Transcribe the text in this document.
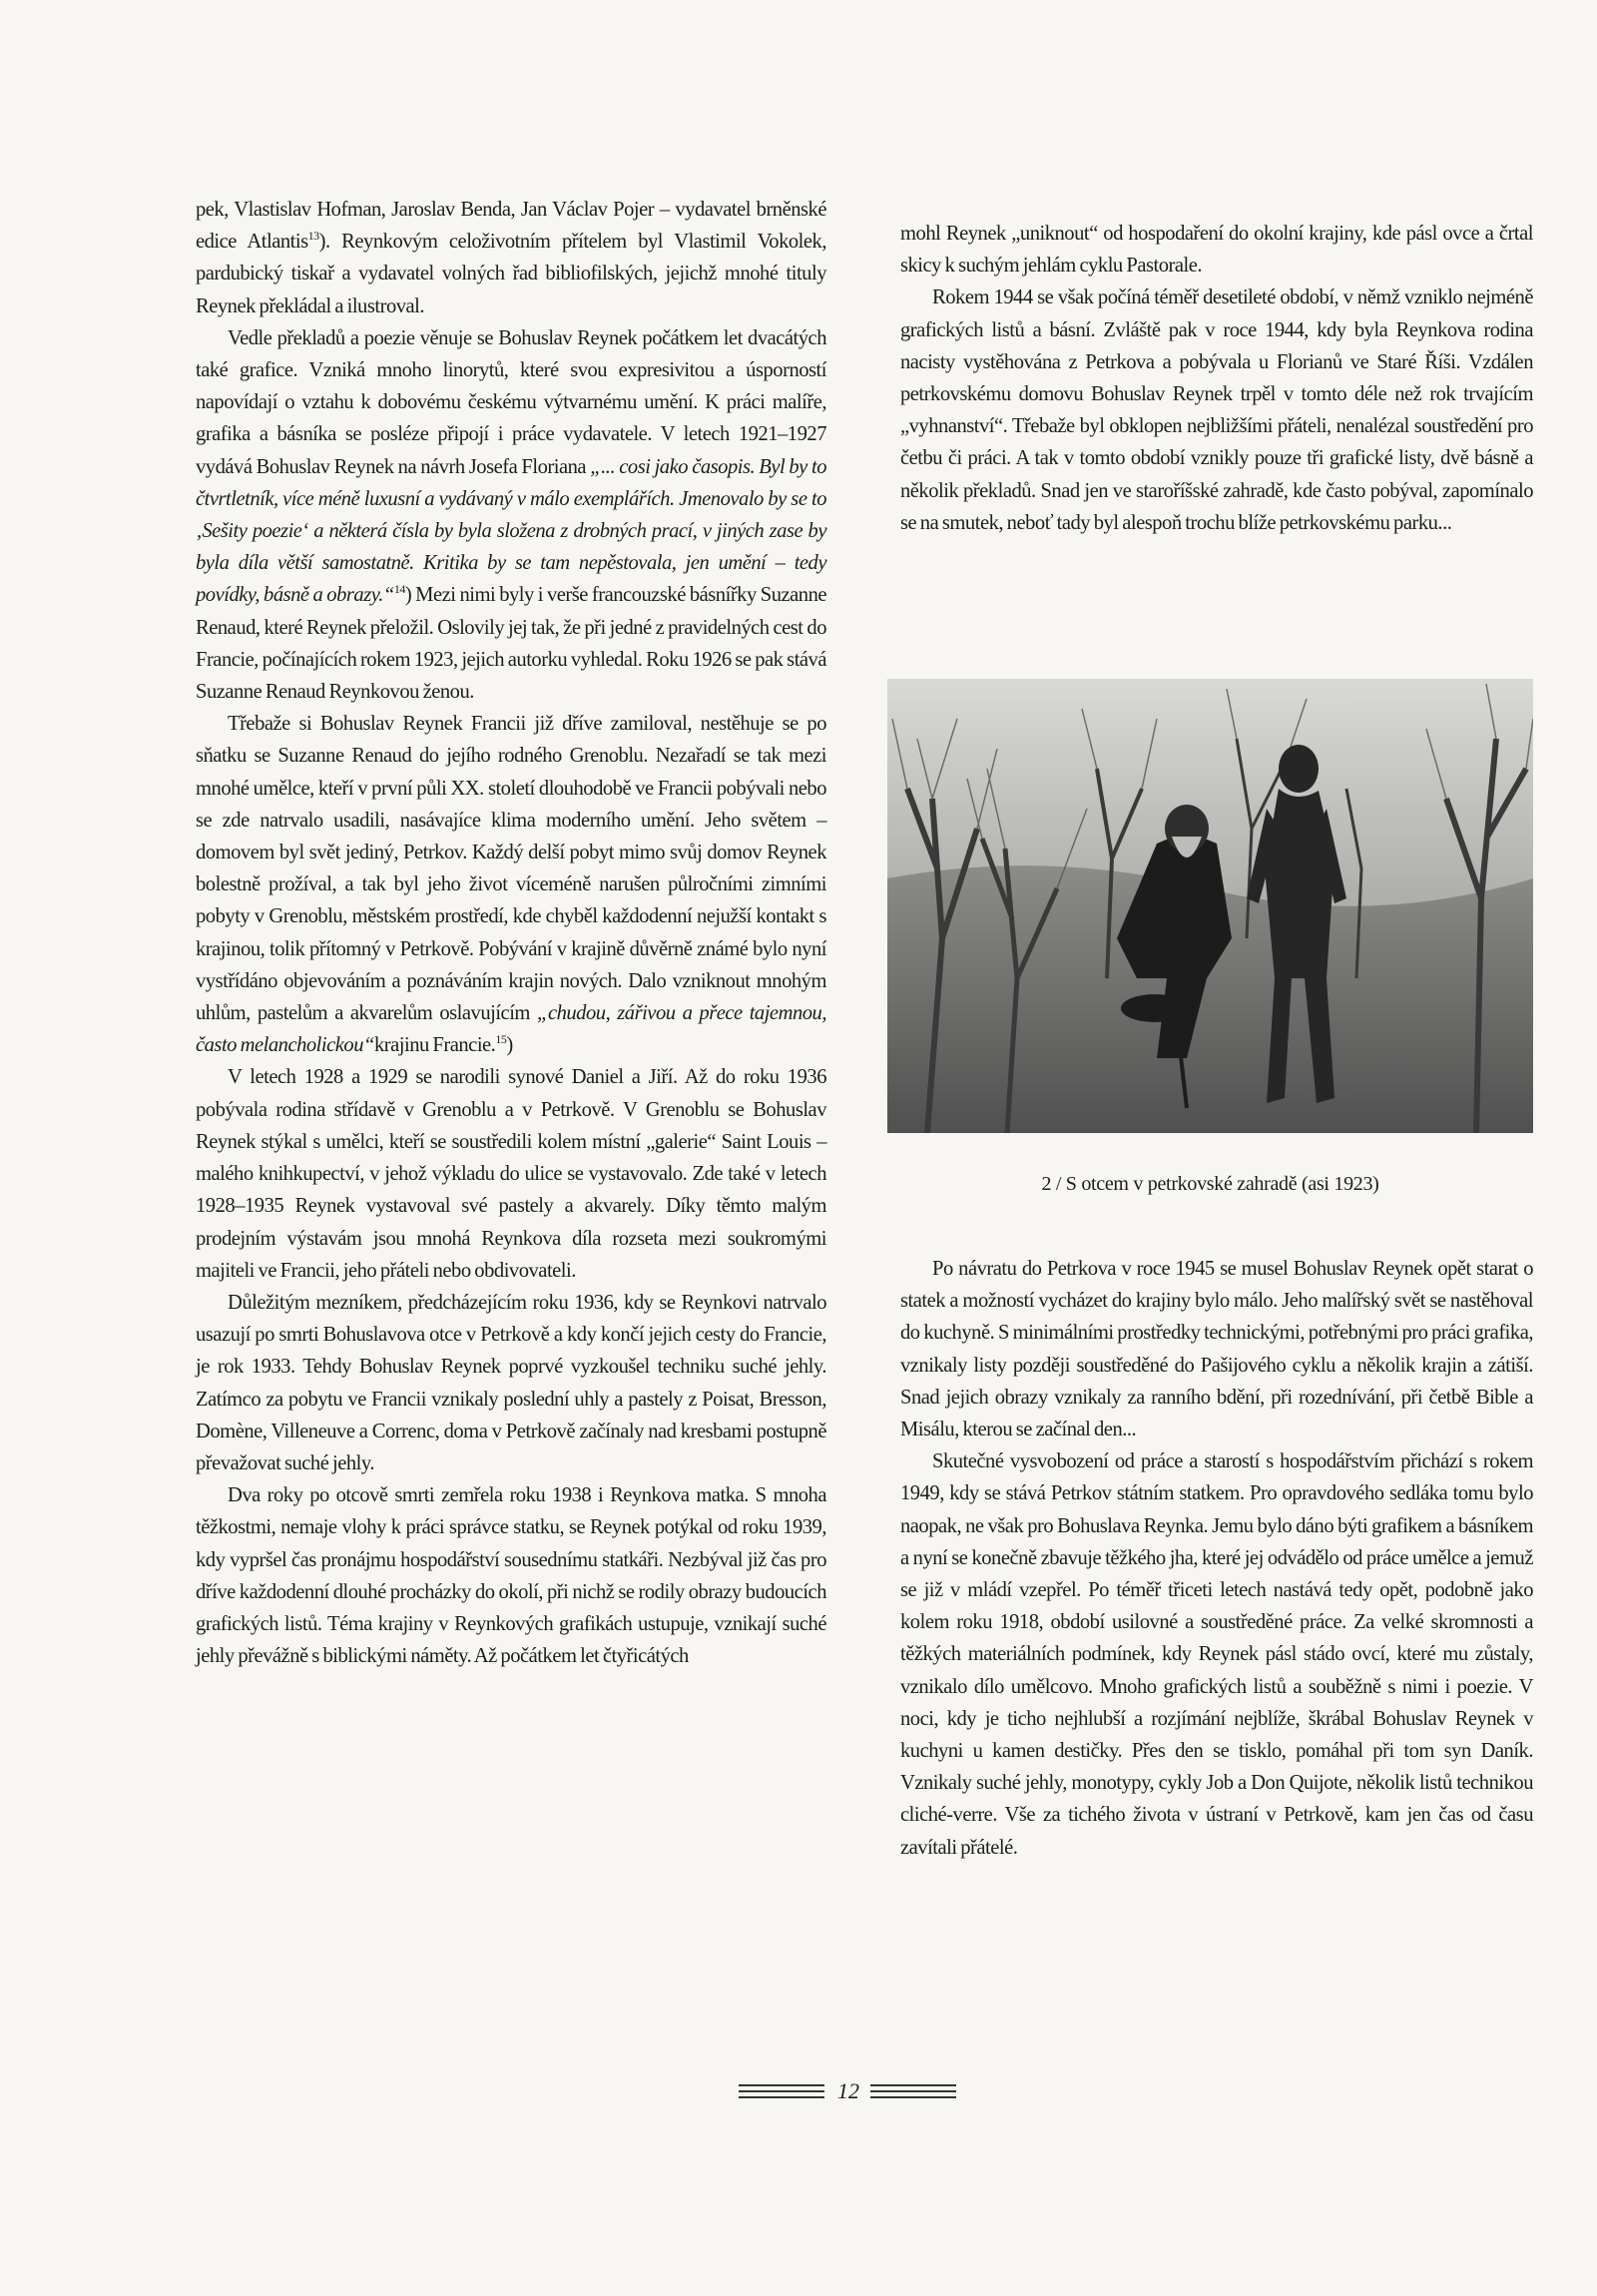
pek, Vlastislav Hofman, Jaroslav Benda, Jan Václav Pojer – vydavatel brněnské edice Atlantis$^{13}$). Reynkovým celoživotním přítelem byl Vlastimil Vokolek, pardubický tiskař a vydavatel volných řad bibliofilských, jejichž mnohé tituly Reynek překládal a ilustroval.

Vedle překladů a poezie věnuje se Bohuslav Reynek počátkem let dvacátých také grafice. Vzniká mnoho linorytů, které svou expresivitou a úsporností napovídají o vztahu k dobovému českému výtvarnému umění. K práci malíře, grafika a básníka se posléze připojí i práce vydavatele. V letech 1921–1927 vydává Bohuslav Reynek na návrh Josefa Floriana „... cosi jako časopis. Byl by to čtvrtletník, více méně luxusní a vydávaný v málo exemplářích. Jmenovalo by se to ‚Sešity poezie‘ a některá čísla by byla složena z drobných prací, v jiných zase by byla díla větší samostatně. Kritika by se tam nepěstovala, jen umění – tedy povídky, básně a obrazy.“$^{14}$) Mezi nimi byly i verše francouzské básnířky Suzanne Renaud, které Reynek přeložil. Oslovily jej tak, že při jedné z pravidelných cest do Francie, počínajících rokem 1923, jejich autorku vyhledal. Roku 1926 se pak stává Suzanne Renaud Reynkovou ženou.

Třebaže si Bohuslav Reynek Francii již dříve zamiloval, nestěhuje se po sňatku se Suzanne Renaud do jejího rodného Grenoblu. Nezařadí se tak mezi mnohé umělce, kteří v první půli XX. století dlouhodobě ve Francii pobývali nebo se zde natrvalo usadili, nasávajíce klima moderního umění. Jeho světem – domovem byl svět jediný, Petrkov. Každý delší pobyt mimo svůj domov Reynek bolestně prožíval, a tak byl jeho život víceméně narušen půlročními zimními pobyty v Grenoblu, městském prostředí, kde chyběl každodenní nejužší kontakt s krajinou, tolik přítomný v Petrkově. Pobývání v krajině důvěrně známé bylo nyní vystřídáno objevováním a poznáváním krajin nových. Dalo vzniknout mnohým uhlům, pastelům a akvarelům oslavujícím „chudou, zářivou a přece tajemnou, často melancholickou“krajinu Francie.$^{15}$)

V letech 1928 a 1929 se narodili synové Daniel a Jiří. Až do roku 1936 pobývala rodina střídavě v Grenoblu a v Petrkově. V Grenoblu se Bohuslav Reynek stýkal s umělci, kteří se soustředili kolem místní „galerie“ Saint Louis – malého knihkupectví, v jehož výkladu do ulice se vystavovalo. Zde také v letech 1928–1935 Reynek vystavoval své pastely a akvarely. Díky těmto malým prodejním výstavám jsou mnohá Reynkova díla rozseta mezi soukromými majiteli ve Francii, jeho přáteli nebo obdivovateli.

Důležitým mezníkem, předcházejícím roku 1936, kdy se Reynkovi natrvalo usazují po smrti Bohuslavova otce v Petrkově a kdy končí jejich cesty do Francie, je rok 1933. Tehdy Bohuslav Reynek poprvé vyzkoušel techniku suché jehly. Zatímco za pobytu ve Francii vznikaly poslední uhly a pastely z Poisat, Bresson, Domène, Villeneuve a Correnc, doma v Petrkově začínaly nad kresbami postupně převažovat suché jehly.

Dva roky po otcově smrti zemřela roku 1938 i Reynkova matka. S mnoha těžkostmi, nemaje vlohy k práci správce statku, se Reynek potýkal od roku 1939, kdy vypršel čas pronájmu hospodářství sousednímu statkáři. Nezbýval již čas pro dříve každodenní dlouhé procházky do okolí, při nichž se rodily obrazy budoucích grafických listů. Téma krajiny v Reynkových grafikách ustupuje, vznikají suché jehly převážně s biblickými náměty. Až počátkem let čtyřicátých

mohl Reynek „uniknout“ od hospodaření do okolní krajiny, kde pásl ovce a črtal skicy k suchým jehlám cyklu Pastorale.

Rokem 1944 se však počíná téměř desetileté období, v němž vzniklo nejméně grafických listů a básní. Zvláště pak v roce 1944, kdy byla Reynkova rodina nacisty vystěhována z Petrkova a pobývala u Florianů ve Staré Říši. Vzdálen petrkovskému domovu Bohuslav Reynek trpěl v tomto déle než rok trvajícím „vyhnanství“. Třebaže byl obklopen nejbližšími přáteli, nenalézal soustředění pro četbu či práci. A tak v tomto období vznikly pouze tři grafické listy, dvě básně a několik překladů. Snad jen ve staroříšské zahradě, kde často pobýval, zapomínalo se na smutek, neboť tady byl alespoň trochu blíže petrkovskému parku...

2 / S otcem v petrkovské zahradě (asi 1923)

Po návratu do Petrkova v roce 1945 se musel Bohuslav Reynek opět starat o statek a možností vycházet do krajiny bylo málo. Jeho malířský svět se nastěhoval do kuchyně. S minimálními prostředky technickými, potřebnými pro práci grafika, vznikaly listy později soustředěné do Pašijového cyklu a několik krajin a zátiší. Snad jejich obrazy vznikaly za ranního bdění, při rozednívání, při četbě Bible a Misálu, kterou se začínal den...

Skutečné vysvobození od práce a starostí s hospodářstvím přichází s rokem 1949, kdy se stává Petrkov státním statkem. Pro opravdového sedláka tomu bylo naopak, ne však pro Bohuslava Reynka. Jemu bylo dáno býti grafikem a básníkem a nyní se konečně zbavuje těžkého jha, které jej odvádělo od práce umělce a jemuž se již v mládí vzepřel. Po téměř třiceti letech nastává tedy opět, podobně jako kolem roku 1918, období usilovné a soustředěné práce. Za velké skromnosti a těžkých materiálních podmínek, kdy Reynek pásl stádo ovcí, které mu zůstaly, vznikalo dílo umělcovo. Mnoho grafických listů a souběžně s nimi i poezie. V noci, kdy je ticho nejhlubší a rozjímání nejblíže, škrábal Bohuslav Reynek v kuchyni u kamen destičky. Přes den se tisklo, pomáhal při tom syn Daník. Vznikaly suché jehly, monotypy, cykly Job a Don Quijote, několik listů technikou cliché-verre. Vše za tichého života v ústraní v Petrkově, kam jen čas od času zavítali přátelé.

12
